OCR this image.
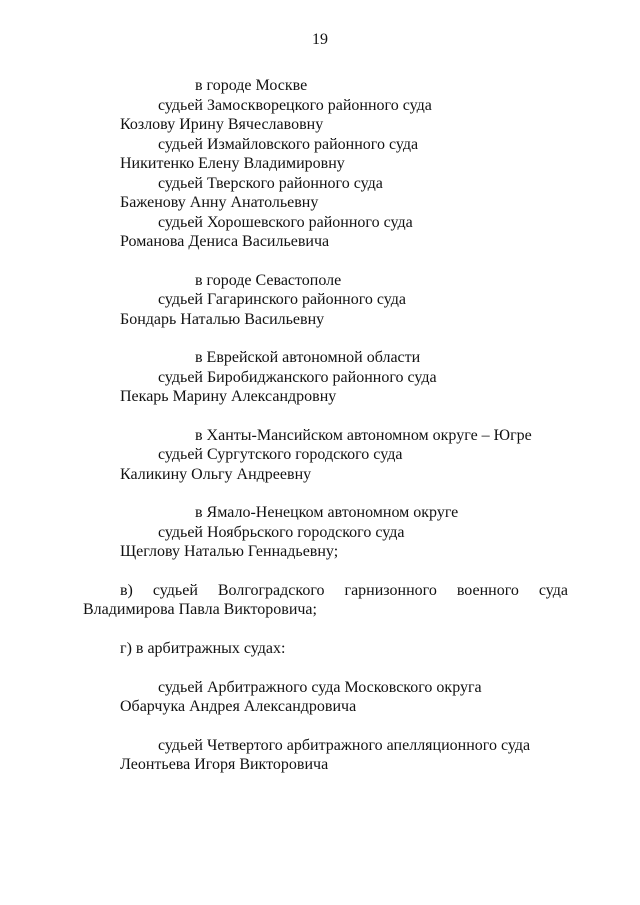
19
в городе Москве
судьей Замоскворецкого районного суда
Козлову Ирину Вячеславовну
судьей Измайловского районного суда
Никитенко Елену Владимировну
судьей Тверского районного суда
Баженову Анну Анатольевну
судьей Хорошевского районного суда
Романова Дениса Васильевича
в городе Севастополе
судьей Гагаринского районного суда
Бондарь Наталью Васильевну
в Еврейской автономной области
судьей Биробиджанского районного суда
Пекарь Марину Александровну
в Ханты-Мансийском автономном округе – Югре
судьей Сургутского городского суда
Каликину Ольгу Андреевну
в Ямало-Ненецком автономном округе
судьей Ноябрьского городского суда
Щеглову Наталью Геннадьевну;
в) судьей Волгоградского гарнизонного военного суда
Владимирова Павла Викторовича;
г) в арбитражных судах:
судьей Арбитражного суда Московского округа
Обарчука Андрея Александровича
судьей Четвертого арбитражного апелляционного суда
Леонтьева Игоря Викторовича
